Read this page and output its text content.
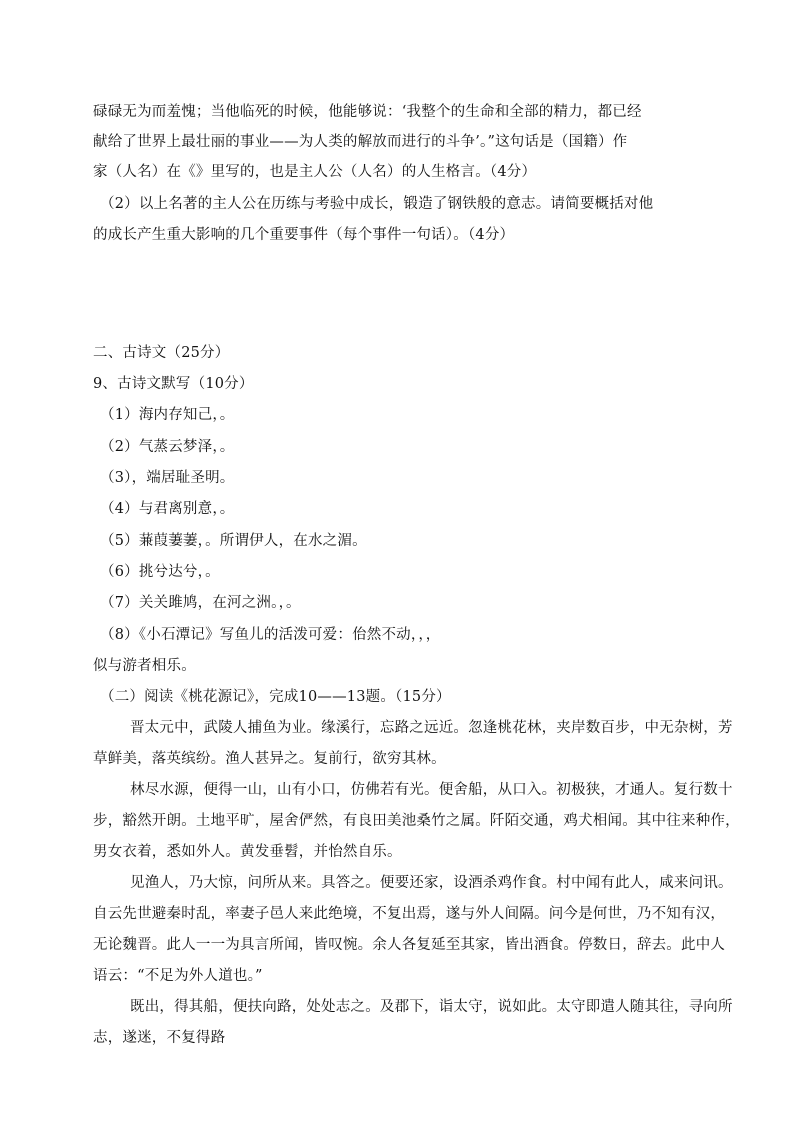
碌碌无为而羞愧；当他临死的时候，他能够说：‘我整个的生命和全部的精力，都已经
献给了世界上最壮丽的事业——为人类的解放而进行的斗争’。”这句话是（国籍）作
家（人名）在《》里写的，也是主人公（人名）的人生格言。（4分）
（2）以上名著的主人公在历练与考验中成长，锻造了钢铁般的意志。请简要概括对他
的成长产生重大影响的几个重要事件（每个事件一句话）。（4分）
二、古诗文（25分）
9、古诗文默写（10分）
（1）海内存知己，。
（2）气蒸云梦泽，。
（3），端居耻圣明。
（4）与君离别意，。
（5）蒹葭萋萋，。所谓伊人，在水之湄。
（6）挑兮达兮，。
（7）关关雎鸠，在河之洲。，。
（8）《小石潭记》写鱼儿的活泼可爱：佁然不动，，，
似与游者相乐。
（二）阅读《桃花源记》，完成10——13题。（15分）
晋太元中，武陵人捕鱼为业。缘溪行，忘路之远近。忽逢桃花林，夹岸数百步，中无杂树，芳
草鲜美，落英缤纷。渔人甚异之。复前行，欲穷其林。
林尽水源，便得一山，山有小口，仿佛若有光。便舍船，从口入。初极狭，才通人。复行数十
步，豁然开朗。土地平旷，屋舍俨然，有良田美池桑竹之属。阡陌交通，鸡犬相闻。其中往来种作，
男女衣着，悉如外人。黄发垂髫，并怡然自乐。
见渔人，乃大惊，问所从来。具答之。便要还家，设酒杀鸡作食。村中闻有此人，咸来问讯。
自云先世避秦时乱，率妻子邑人来此绝境，不复出焉，遂与外人间隔。问今是何世，乃不知有汉，
无论魏晋。此人一一为具言所闻，皆叹惋。余人各复延至其家，皆出酒食。停数日，辞去。此中人
语云：“不足为外人道也。”
既出，得其船，便扶向路，处处志之。及郡下，诣太守，说如此。太守即遣人随其往，寻向所
志，遂迷，不复得路
